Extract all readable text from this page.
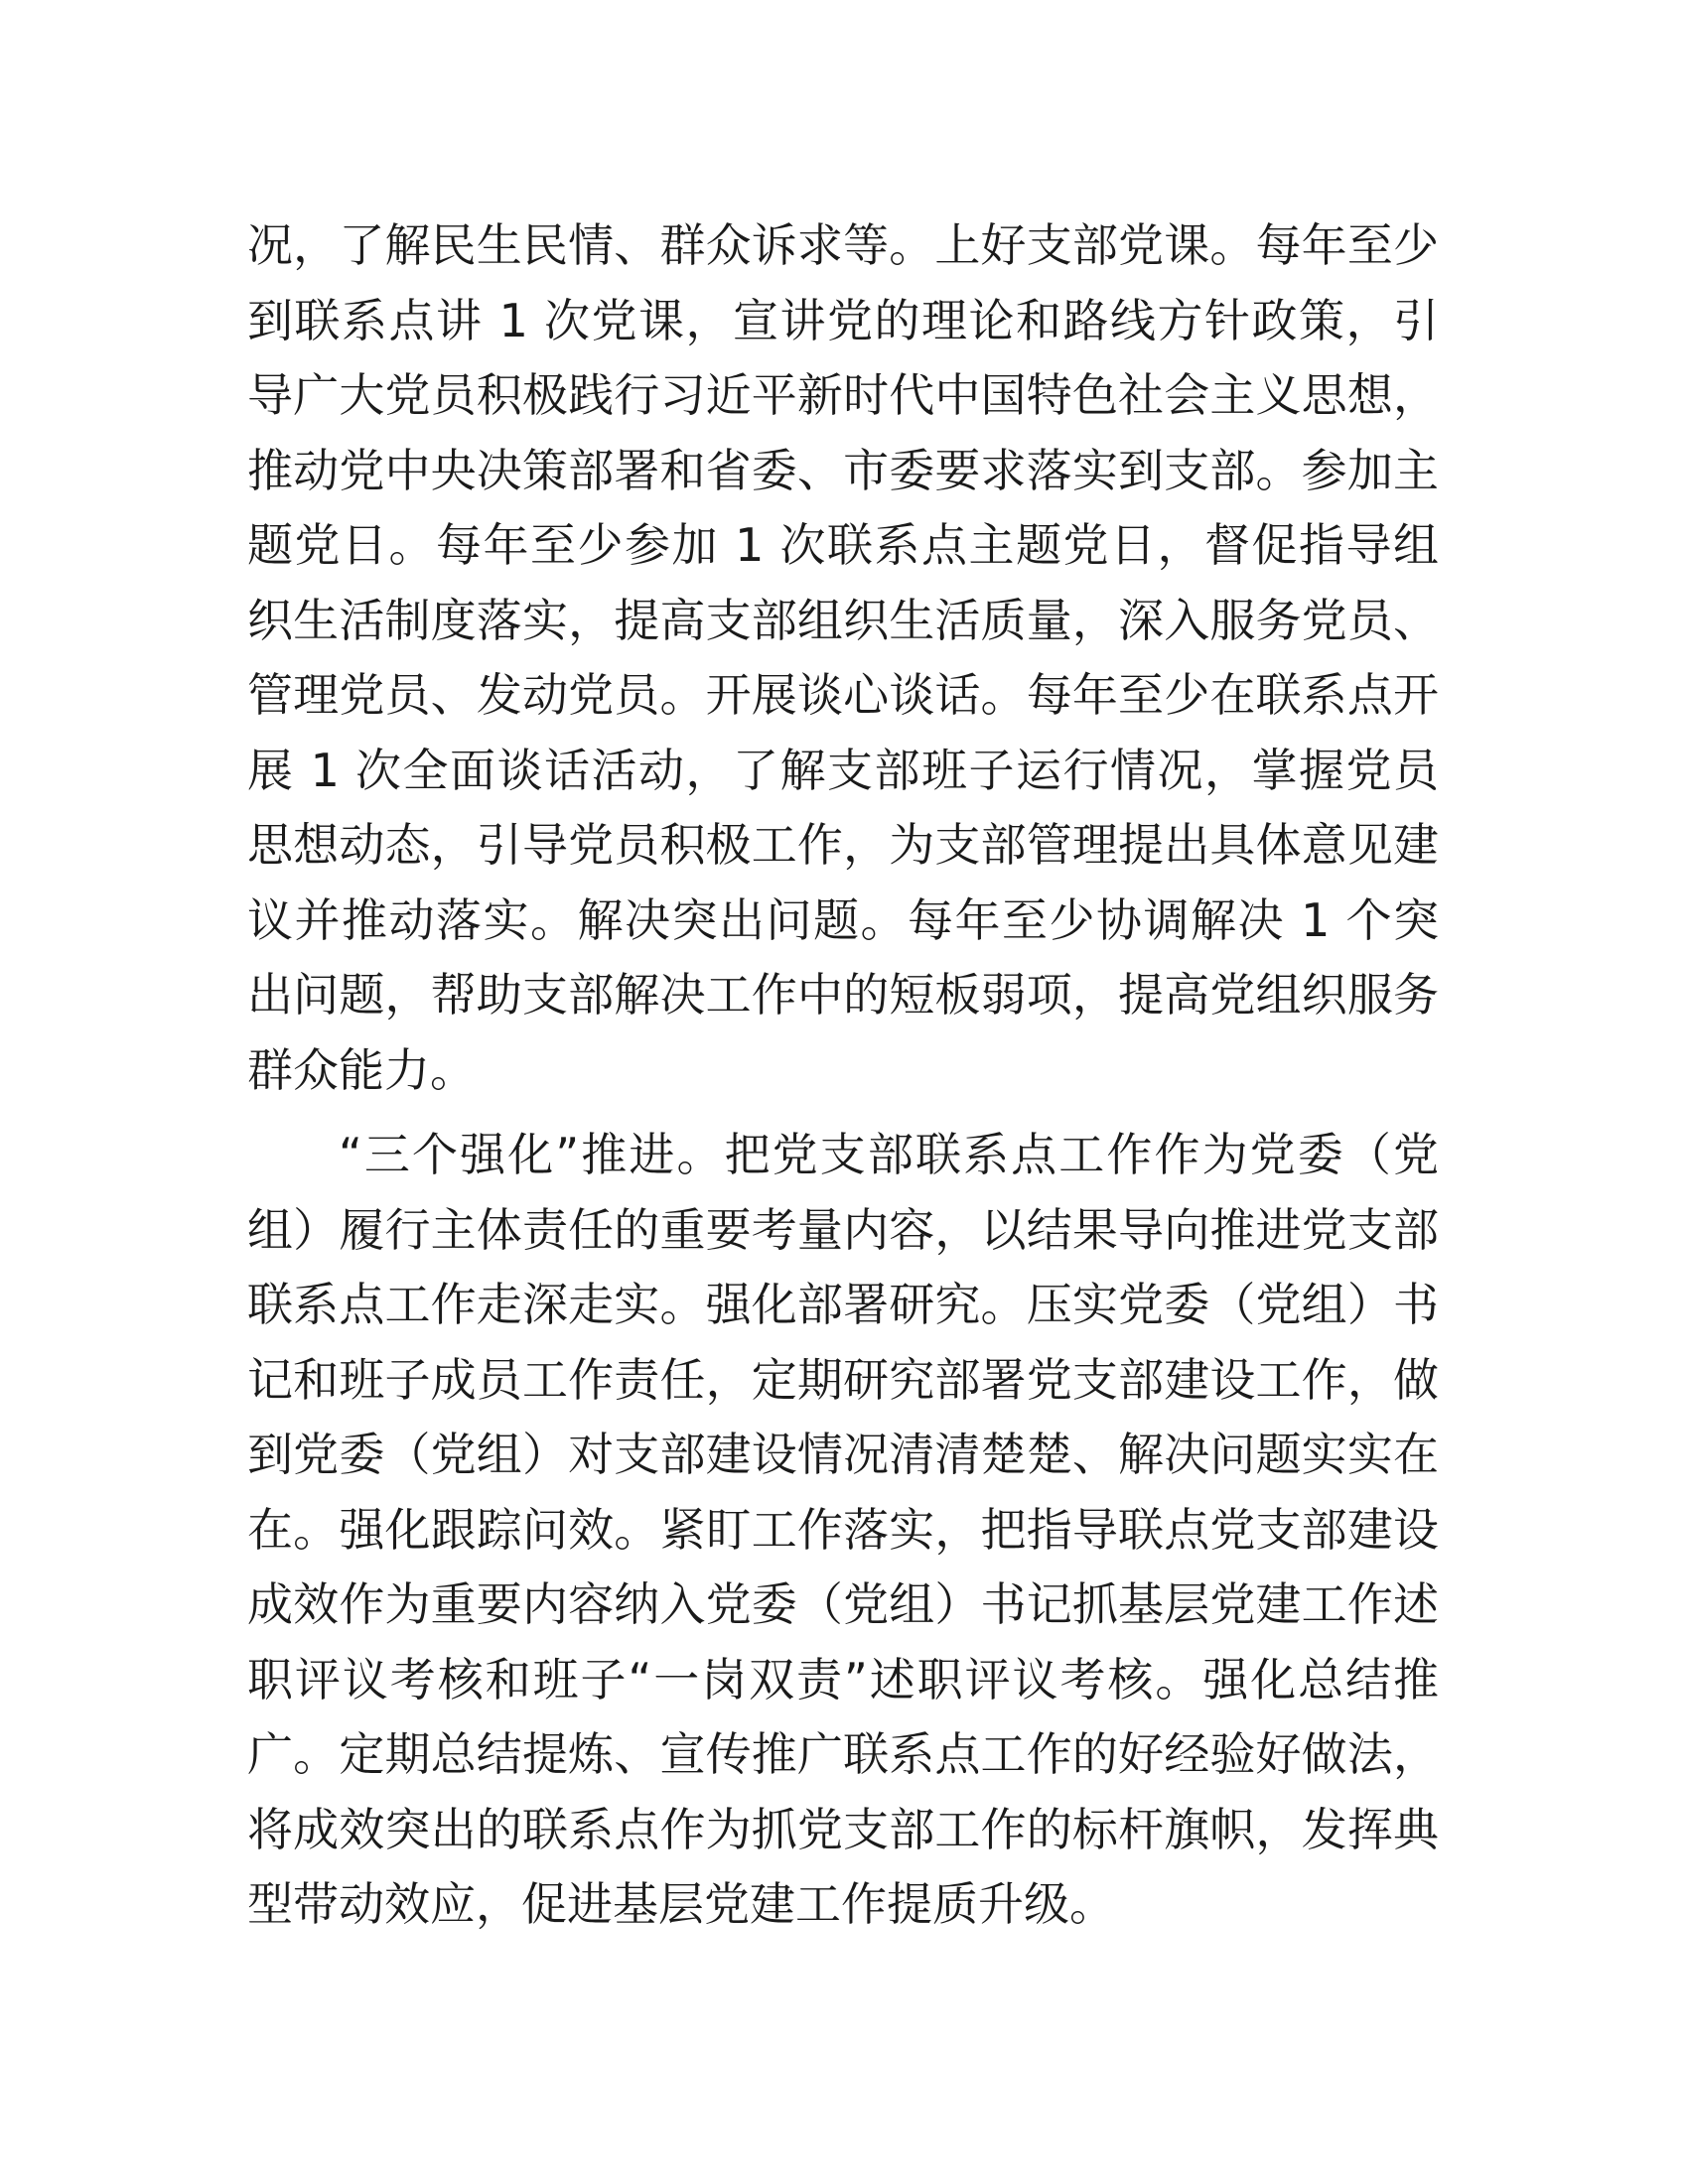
况，了解民生民情、群众诉求等。上好支部党课。每年至少到联系点讲 1 次党课，宣讲党的理论和路线方针政策，引导广大党员积极践行习近平新时代中国特色社会主义思想，推动党中央决策部署和省委、市委要求落实到支部。参加主题党日。每年至少参加 1 次联系点主题党日，督促指导组织生活制度落实，提高支部组织生活质量，深入服务党员、管理党员、发动党员。开展谈心谈话。每年至少在联系点开展 1 次全面谈话活动，了解支部班子运行情况，掌握党员思想动态，引导党员积极工作，为支部管理提出具体意见建议并推动落实。解决突出问题。每年至少协调解决 1 个突出问题，帮助支部解决工作中的短板弱项，提高党组织服务群众能力。

“三个强化”推进。把党支部联系点工作作为党委（党组）履行主体责任的重要考量内容，以结果导向推进党支部联系点工作走深走实。强化部署研究。压实党委（党组）书记和班子成员工作责任，定期研究部署党支部建设工作，做到党委（党组）对支部建设情况清清楚楚、解决问题实实在在。强化跟踪问效。紧盯工作落实，把指导联点党支部建设成效作为重要内容纳入党委（党组）书记抓基层党建工作述职评议考核和班子“一岗双责”述职评议考核。强化总结推广。定期总结提炼、宣传推广联系点工作的好经验好做法，将成效突出的联系点作为抓党支部工作的标杆旗帜，发挥典型带动效应，促进基层党建工作提质升级。
